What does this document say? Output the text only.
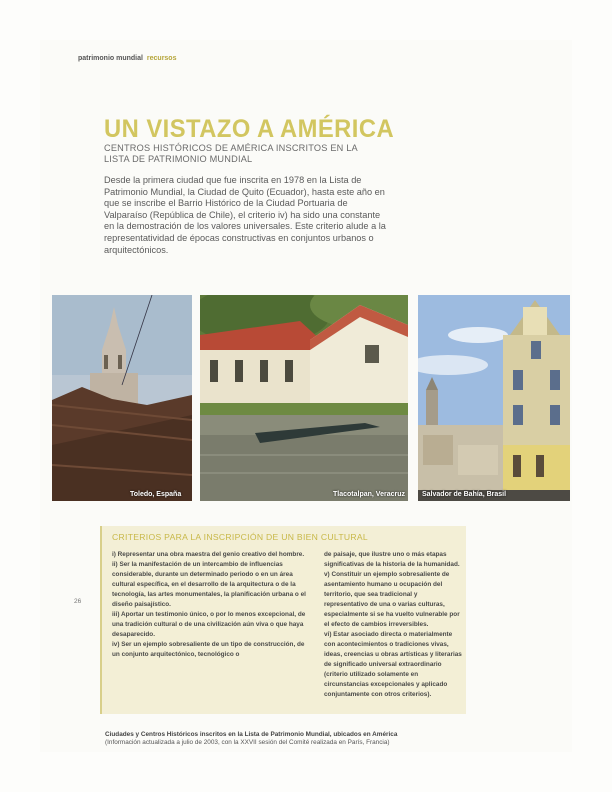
patrimonio mundial recursos
UN VISTAZO A AMÉRICA
CENTROS HISTÓRICOS DE AMÉRICA INSCRITOS EN LA LISTA DE PATRIMONIO MUNDIAL
Desde la primera ciudad que fue inscrita en 1978 en la Lista de Patrimonio Mundial, la Ciudad de Quito (Ecuador), hasta este año en que se inscribe el Barrio Histórico de la Ciudad Portuaria de Valparaíso (República de Chile), el criterio iv) ha sido una constante en la demostración de los valores universales. Este criterio alude a la representatividad de épocas constructivas en conjuntos urbanos o arquitectónicos.
Toledo, España	Tlacotalpan, Veracruz Salvador de Bahía, Brasil
26
CRITERIOS PARA LA INSCRIPCIÓN DE UN BIEN CULTURAL

i) Representar una obra maestra del genio creativo del hombre.

ii) Ser la manifestación de un intercambio de influencias considerable, durante un determinado periodo o en un área cultural específica, en el desarrollo de la arquitectura o de la tecnología, las artes monumentales, la planificación urbana o el diseño paisajístico.

iii) Aportar un testimonio único, o por lo menos excepcional, de una tradición cultural o de una civilización aún viva o que haya desaparecido.

iv) Ser un ejemplo sobresaliente de un tipo de construcción, de un conjunto arquitectónico, tecnológico o

de paisaje, que ilustre uno o más etapas significativas de la historia de la humanidad.

v) Constituir un ejemplo sobresaliente de asentamiento humano u ocupación del territorio, que sea tradicional y representativo de una o varias culturas, especialmente si se ha vuelto vulnerable por el efecto de cambios irreversibles.

vi) Estar asociado directa o materialmente con acontecimientos o tradiciones vivas, ideas, creencias u obras artísticas y literarias de significado universal extraordinario (criterio utilizado solamente en circunstancias excepcionales y aplicado conjuntamente con otros criterios).

Ciudades y Centros Históricos inscritos en la Lista de Patrimonio Mundial, ubicados en América
(Información actualizada a julio de 2003, con la XXVII sesión del Comité realizada en París, Francia)
